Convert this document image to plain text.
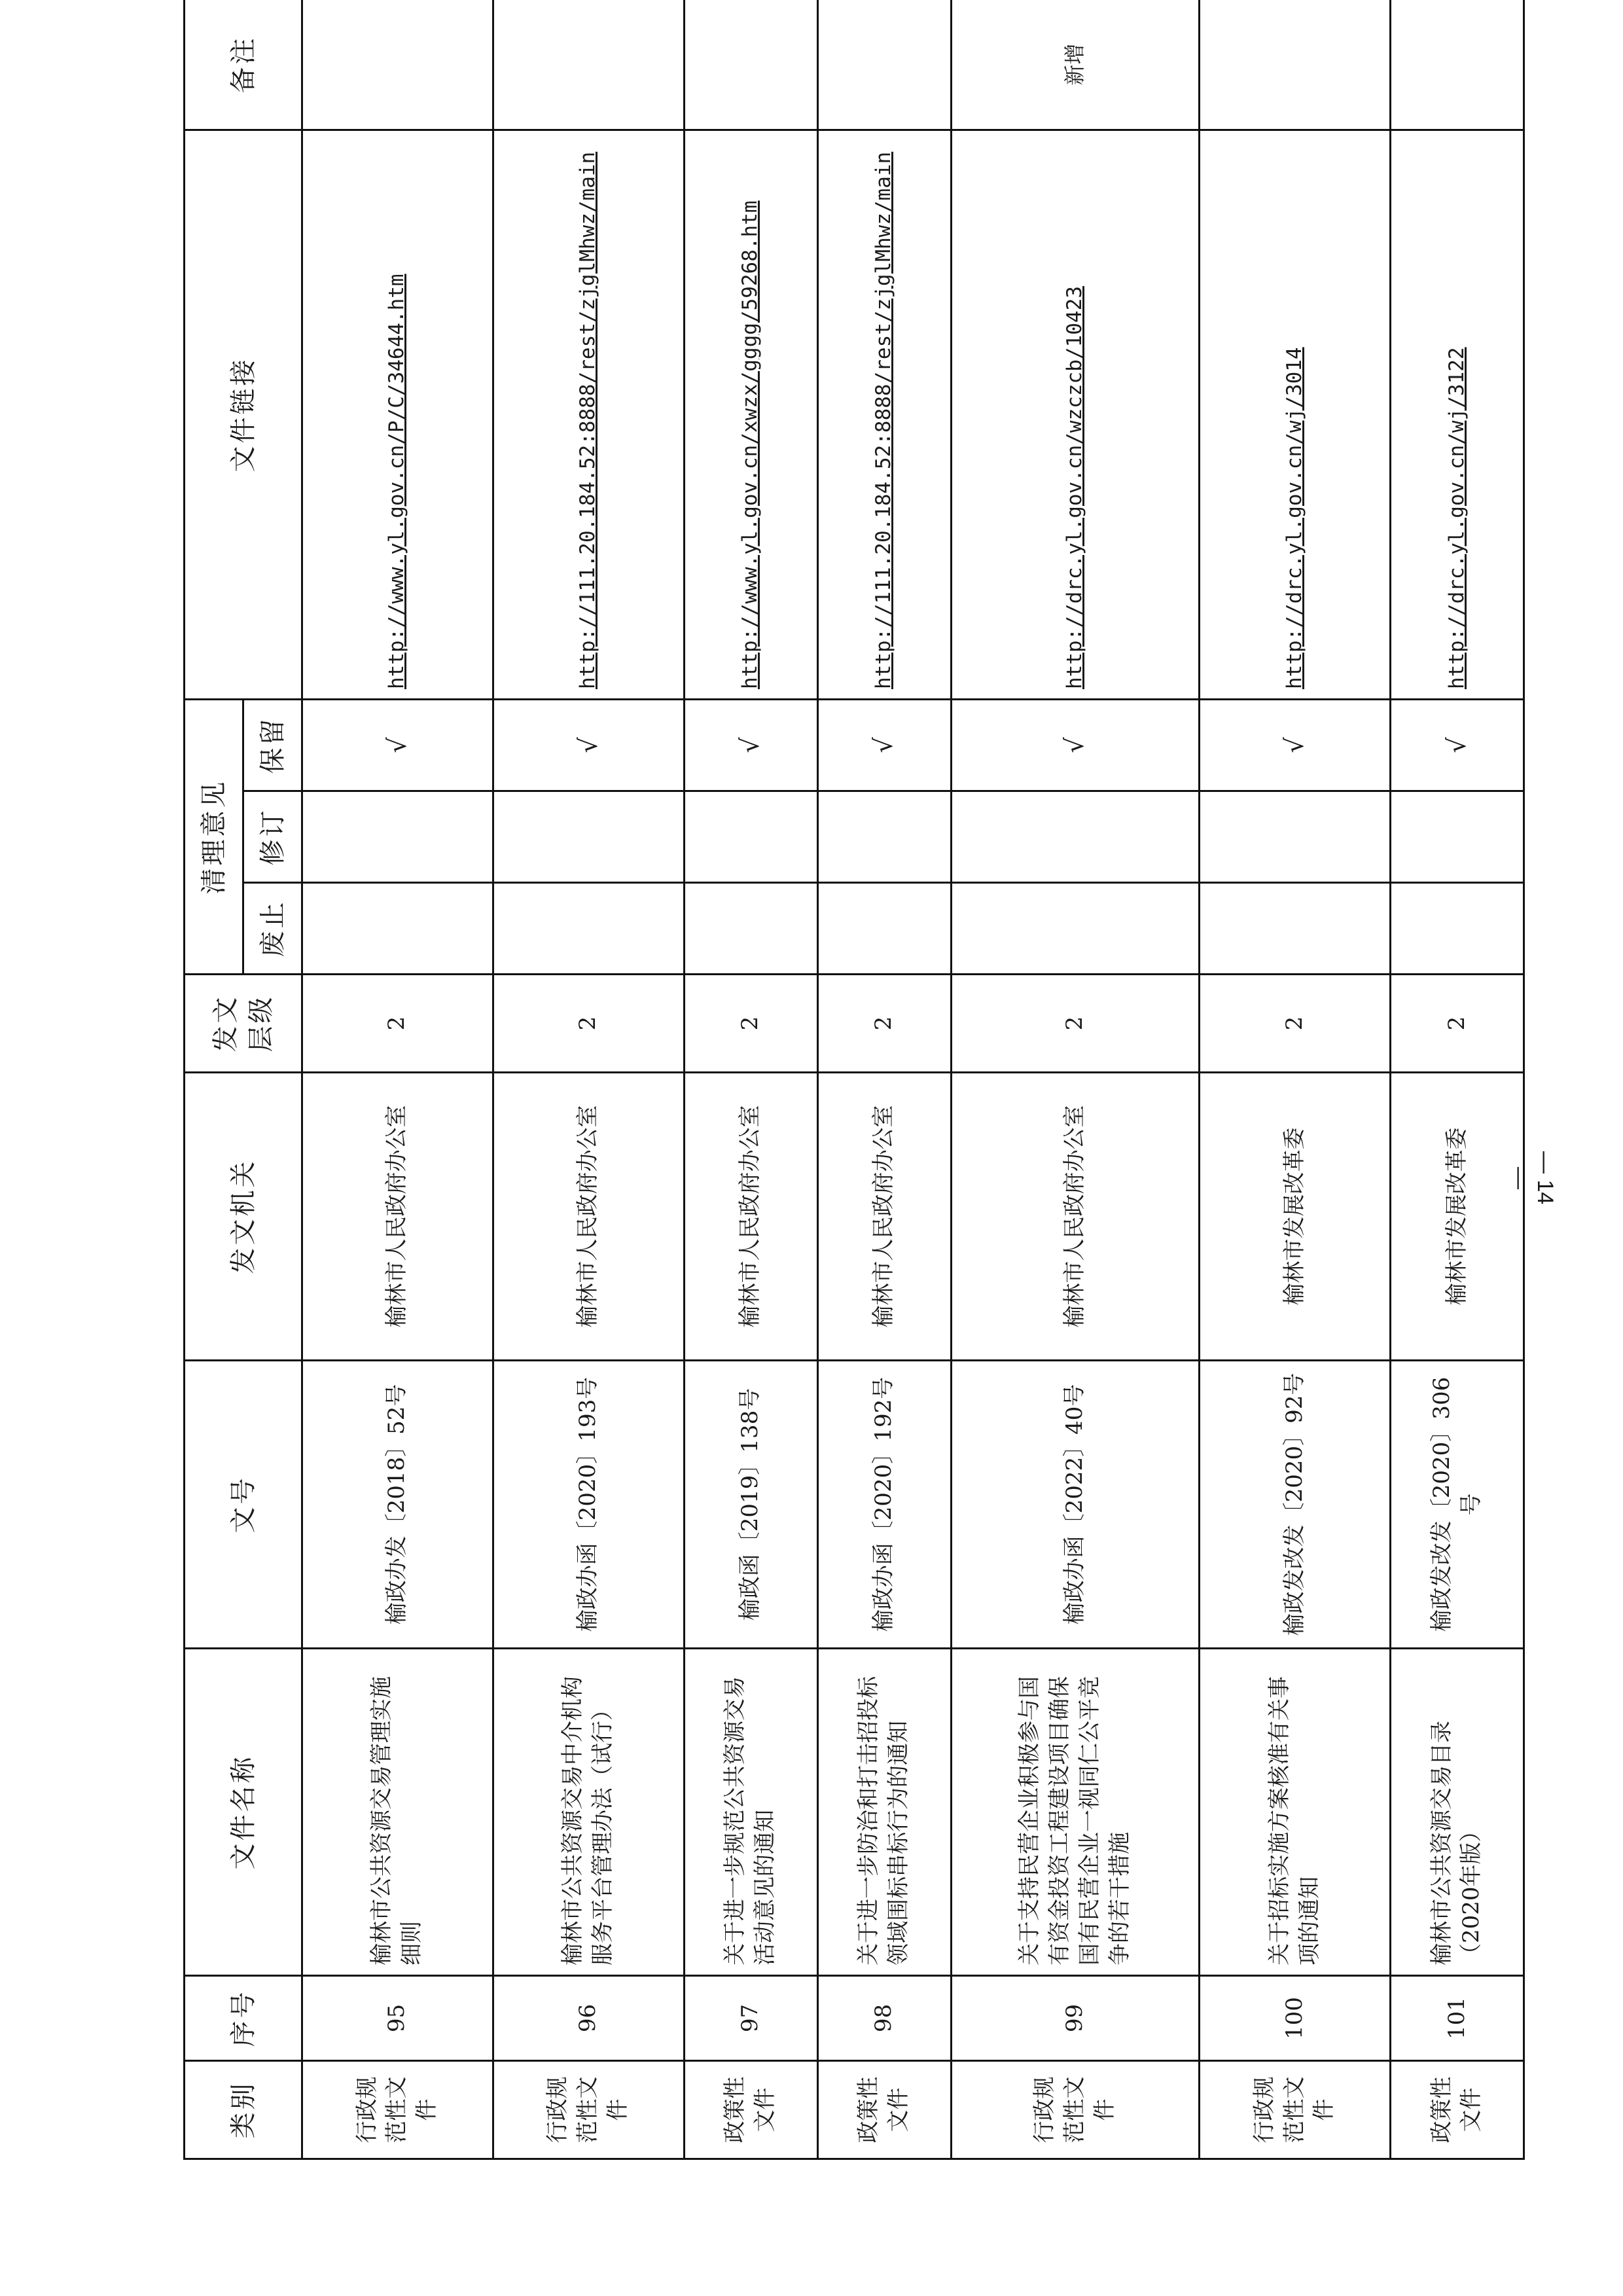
类别	序号	文件名称	文号	发文机关	发文层级	清理意见			文件链接	备注
						废止	修订	保留		
行政规范性文件	95	榆林市公共资源交易管理实施细则	榆政办发〔2018〕52号	榆林市人民政府办公室	2			√	http://www.yl.gov.cn/P/C/34644.htm	
行政规范性文件	96	榆林市公共资源交易中介机构服务平台管理办法（试行）	榆政办函〔2020〕193号	榆林市人民政府办公室	2			√	http://111.20.184.52:8888/rest/zjglMhwz/main	
政策性文件	97	关于进一步规范公共资源交易活动意见的通知	榆政函〔2019〕138号	榆林市人民政府办公室	2			√	http://www.yl.gov.cn/xwzx/gggg/59268.htm	
政策性文件	98	关于进一步防治和打击招投标领域围标串标行为的通知	榆政办函〔2020〕192号	榆林市人民政府办公室	2			√	http://111.20.184.52:8888/rest/zjglMhwz/main	
行政规范性文件	99	关于支持民营企业积极参与国有资金投资工程建设项目确保国有民营企业一视同仁公平竞争的若干措施	榆政办函〔2022〕40号	榆林市人民政府办公室	2			√	http://drc.yl.gov.cn/wzczcb/10423	新增
行政规范性文件	100	关于招标实施方案核准有关事项的通知	榆政发改发〔2020〕92号	榆林市发展改革委	2			√	http://drc.yl.gov.cn/wj/3014	
政策性文件	101	榆林市公共资源交易目录（2020年版）	榆政发改发〔2020〕306号	榆林市发展改革委	2			√	http://drc.yl.gov.cn/wj/3122	
— 14 —
